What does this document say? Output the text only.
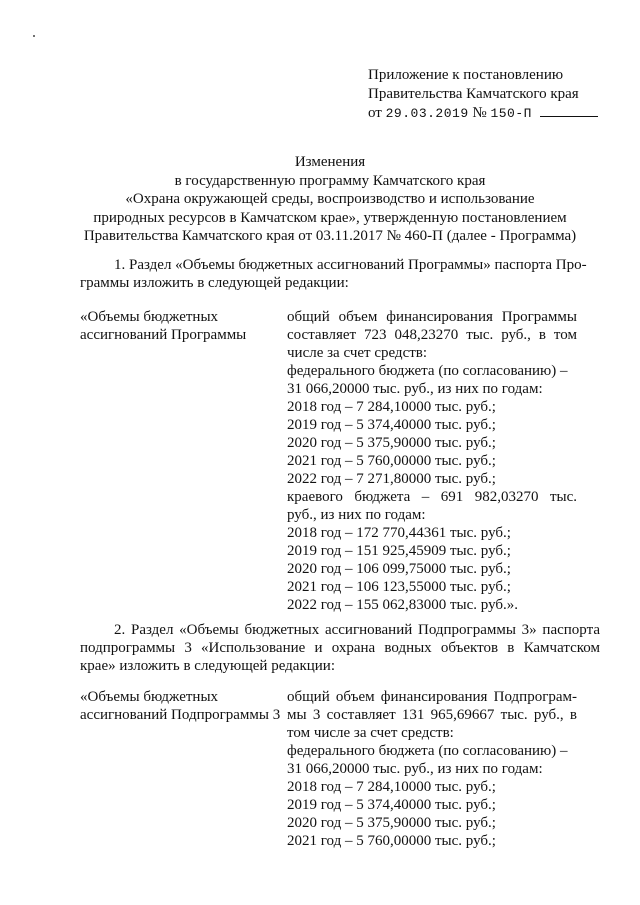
Приложение к постановлению
Правительства Камчатского края
от 29.03.2019 № 150-П
Изменения
в государственную программу Камчатского края
«Охрана окружающей среды, воспроизводство и использование
природных ресурсов в Камчатском крае», утвержденную постановлением
Правительства Камчатского края от 03.11.2017 № 460-П (далее - Программа)
1. Раздел «Объемы бюджетных ассигнований Программы» паспорта Про-
граммы изложить в следующей редакции:
«Объемы бюджетных
ассигнований Программы
общий объем финансирования Программы
составляет 723 048,23270 тыс. руб., в том
числе за счет средств:
федерального бюджета (по согласованию) –
31 066,20000 тыс. руб., из них по годам:
2018 год – 7 284,10000 тыс. руб.;
2019 год – 5 374,40000 тыс. руб.;
2020 год – 5 375,90000 тыс. руб.;
2021 год – 5 760,00000 тыс. руб.;
2022 год – 7 271,80000 тыс. руб.;
краевого бюджета – 691 982,03270 тыс.
руб., из них по годам:
2018 год – 172 770,44361 тыс. руб.;
2019 год – 151 925,45909 тыс. руб.;
2020 год – 106 099,75000 тыс. руб.;
2021 год – 106 123,55000 тыс. руб.;
2022 год – 155 062,83000 тыс. руб.».
2. Раздел «Объемы бюджетных ассигнований Подпрограммы 3» паспорта
подпрограммы 3 «Использование и охрана водных объектов в Камчатском
крае» изложить в следующей редакции:
«Объемы бюджетных
ассигнований Подпрограммы 3
общий объем финансирования Подпрограм-
мы 3 составляет 131 965,69667 тыс. руб., в
том числе за счет средств:
федерального бюджета (по согласованию) –
31 066,20000 тыс. руб., из них по годам:
2018 год – 7 284,10000 тыс. руб.;
2019 год – 5 374,40000 тыс. руб.;
2020 год – 5 375,90000 тыс. руб.;
2021 год – 5 760,00000 тыс. руб.;
